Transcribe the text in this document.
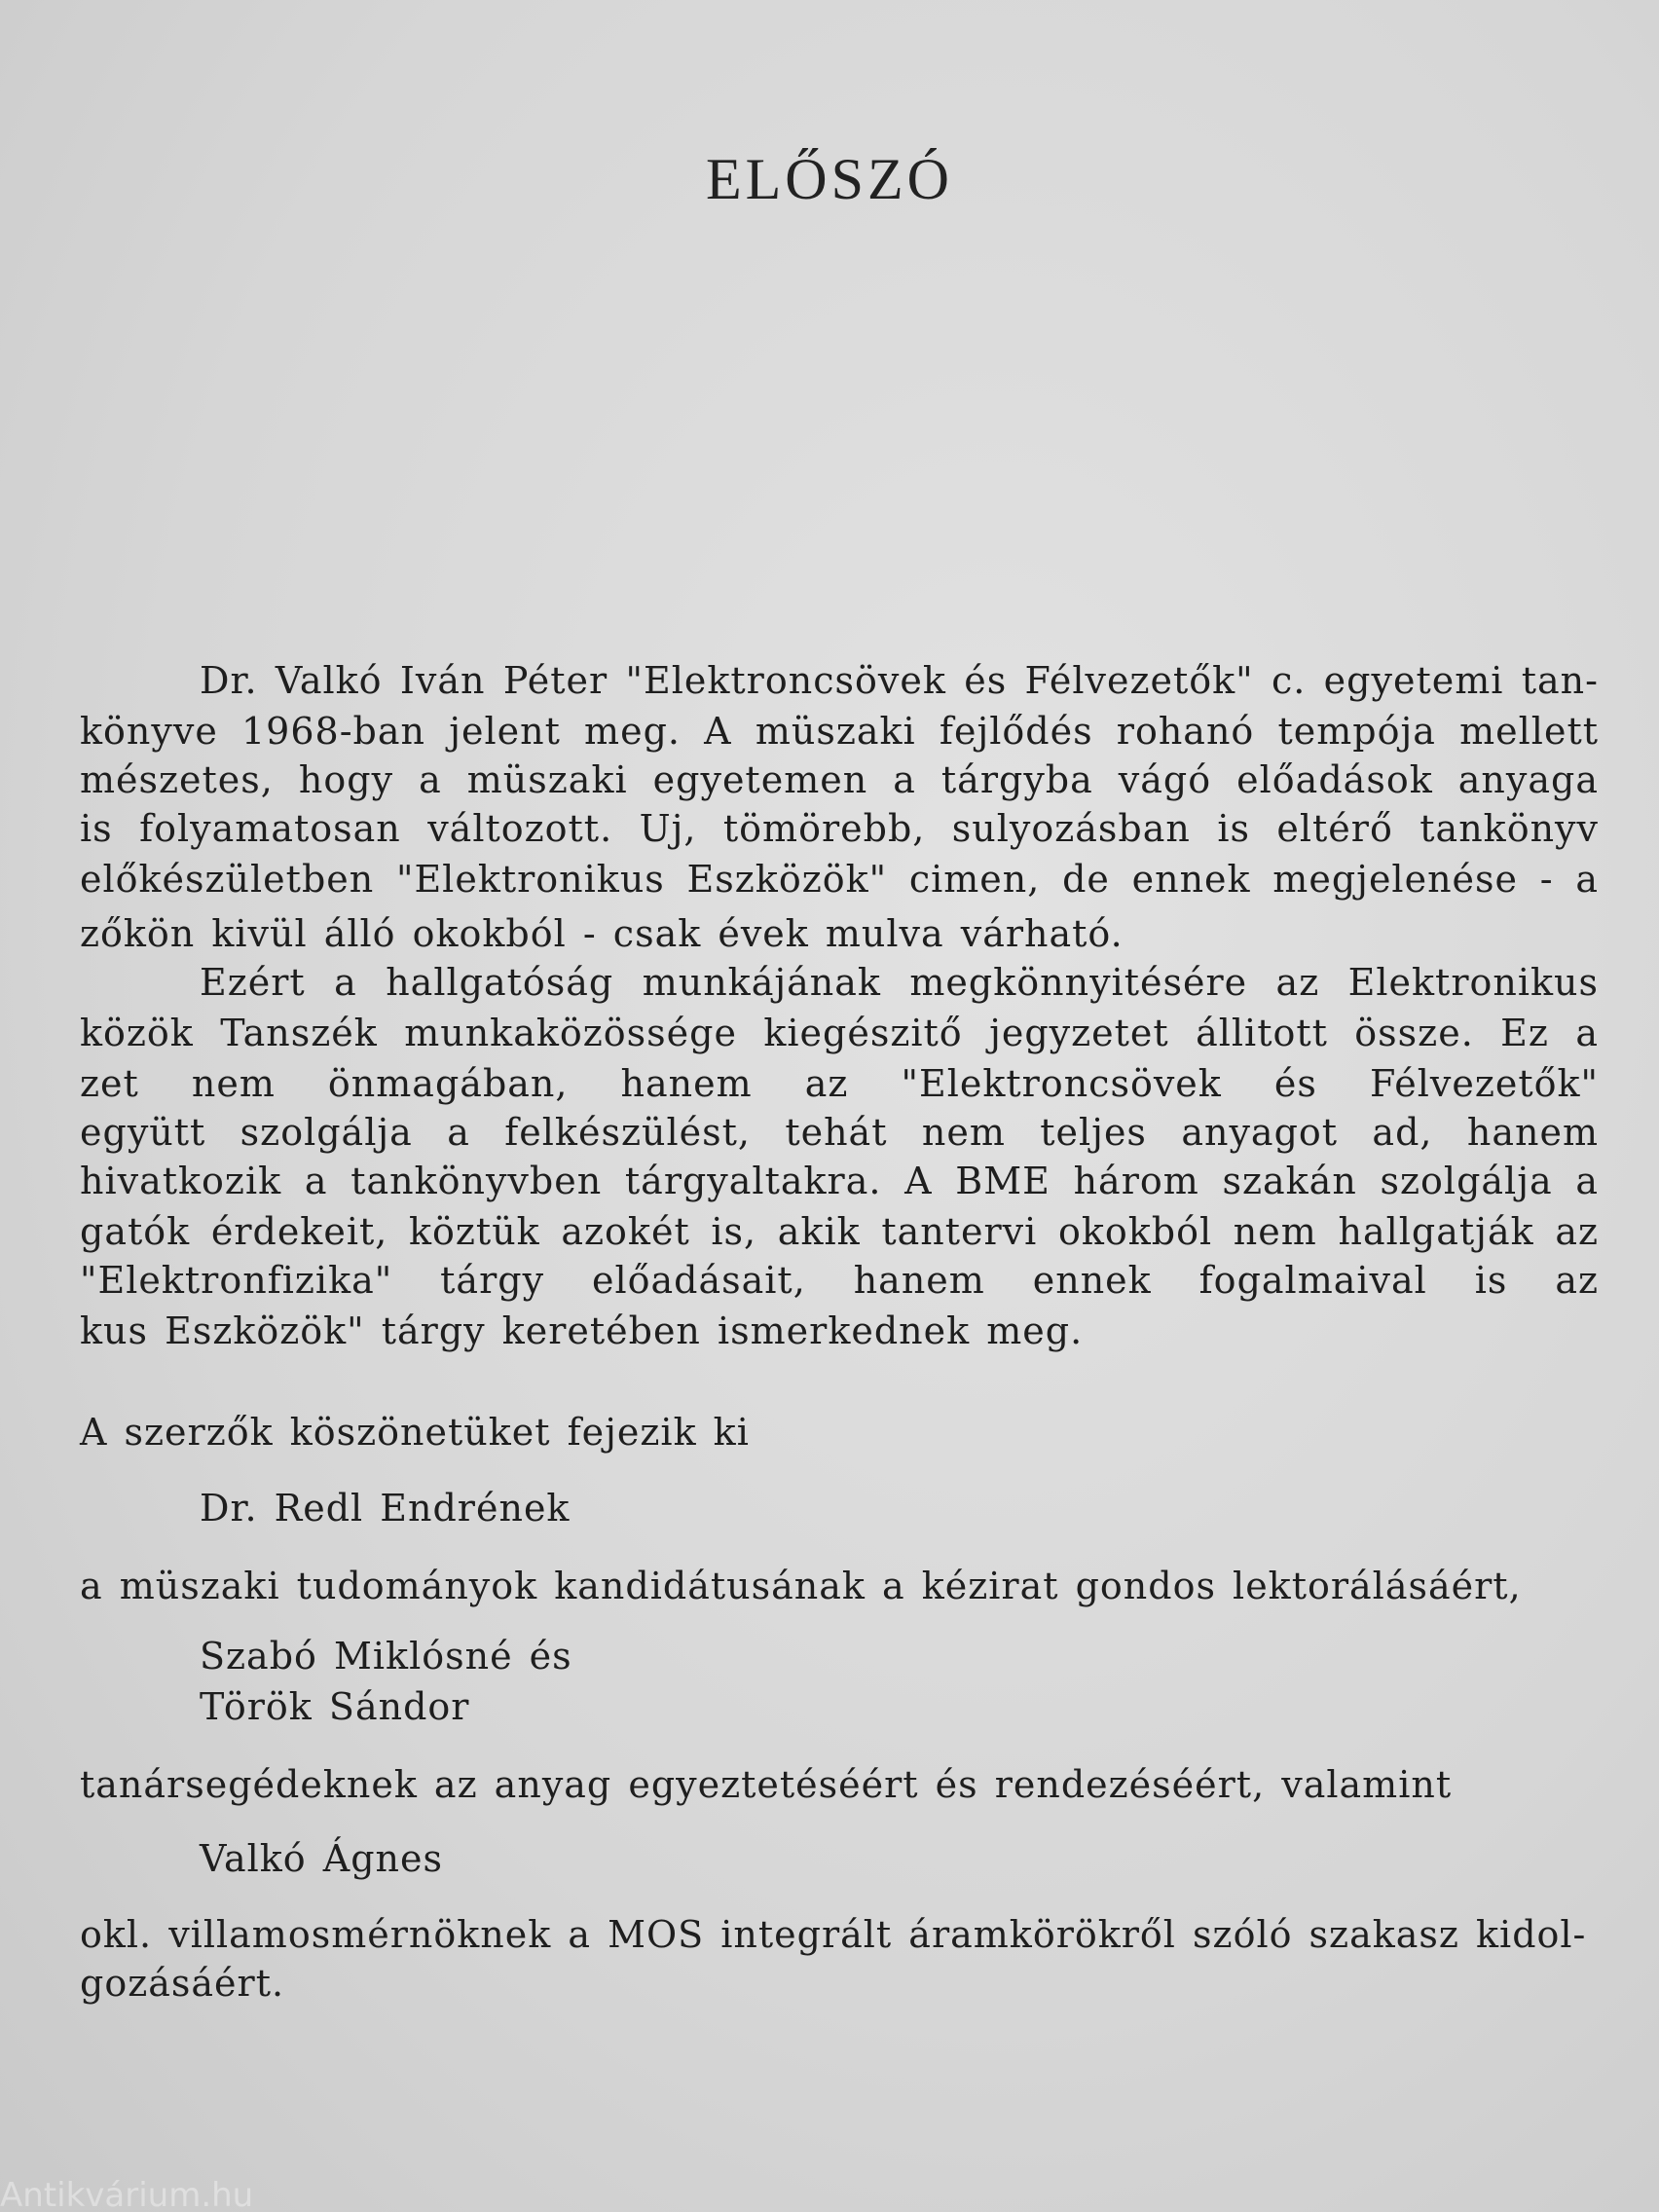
ELŐSZÓ

Dr. Valkó Iván Péter "Elektroncsövek és Félvezetők" c. egyetemi tan-

könyve 1968-ban jelent meg. A müszaki fejlődés rohanó tempója mellett

mészetes, hogy a müszaki egyetemen a tárgyba vágó előadások anyaga

is folyamatosan változott. Uj, tömörebb, sulyozásban is eltérő tankönyv

előkészületben "Elektronikus Eszközök" cimen, de ennek megjelenése - a

zőkön kivül álló okokból - csak évek mulva várható.

Ezért a hallgatóság munkájának megkönnyitésére az Elektronikus

közök Tanszék munkaközössége kiegészitő jegyzetet állitott össze. Ez a

zet nem önmagában, hanem az "Elektroncsövek és Félvezetők"

együtt szolgálja a felkészülést, tehát nem teljes anyagot ad, hanem

hivatkozik a tankönyvben tárgyaltakra. A BME három szakán szolgálja a

gatók érdekeit, köztük azokét is, akik tantervi okokból nem hallgatják az

"Elektronfizika" tárgy előadásait, hanem ennek fogalmaival is az

kus Eszközök" tárgy keretében ismerkednek meg.

A szerzők köszönetüket fejezik ki

Dr. Redl Endrének

a müszaki tudományok kandidátusának a kézirat gondos lektorálásáért,

Szabó Miklósné és

Török Sándor

tanársegédeknek az anyag egyeztetéséért és rendezéséért, valamint

Valkó Ágnes

okl. villamosmérnöknek a MOS integrált áramkörökről szóló szakasz kidol-

gozásáért.

Antikvárium.hu
